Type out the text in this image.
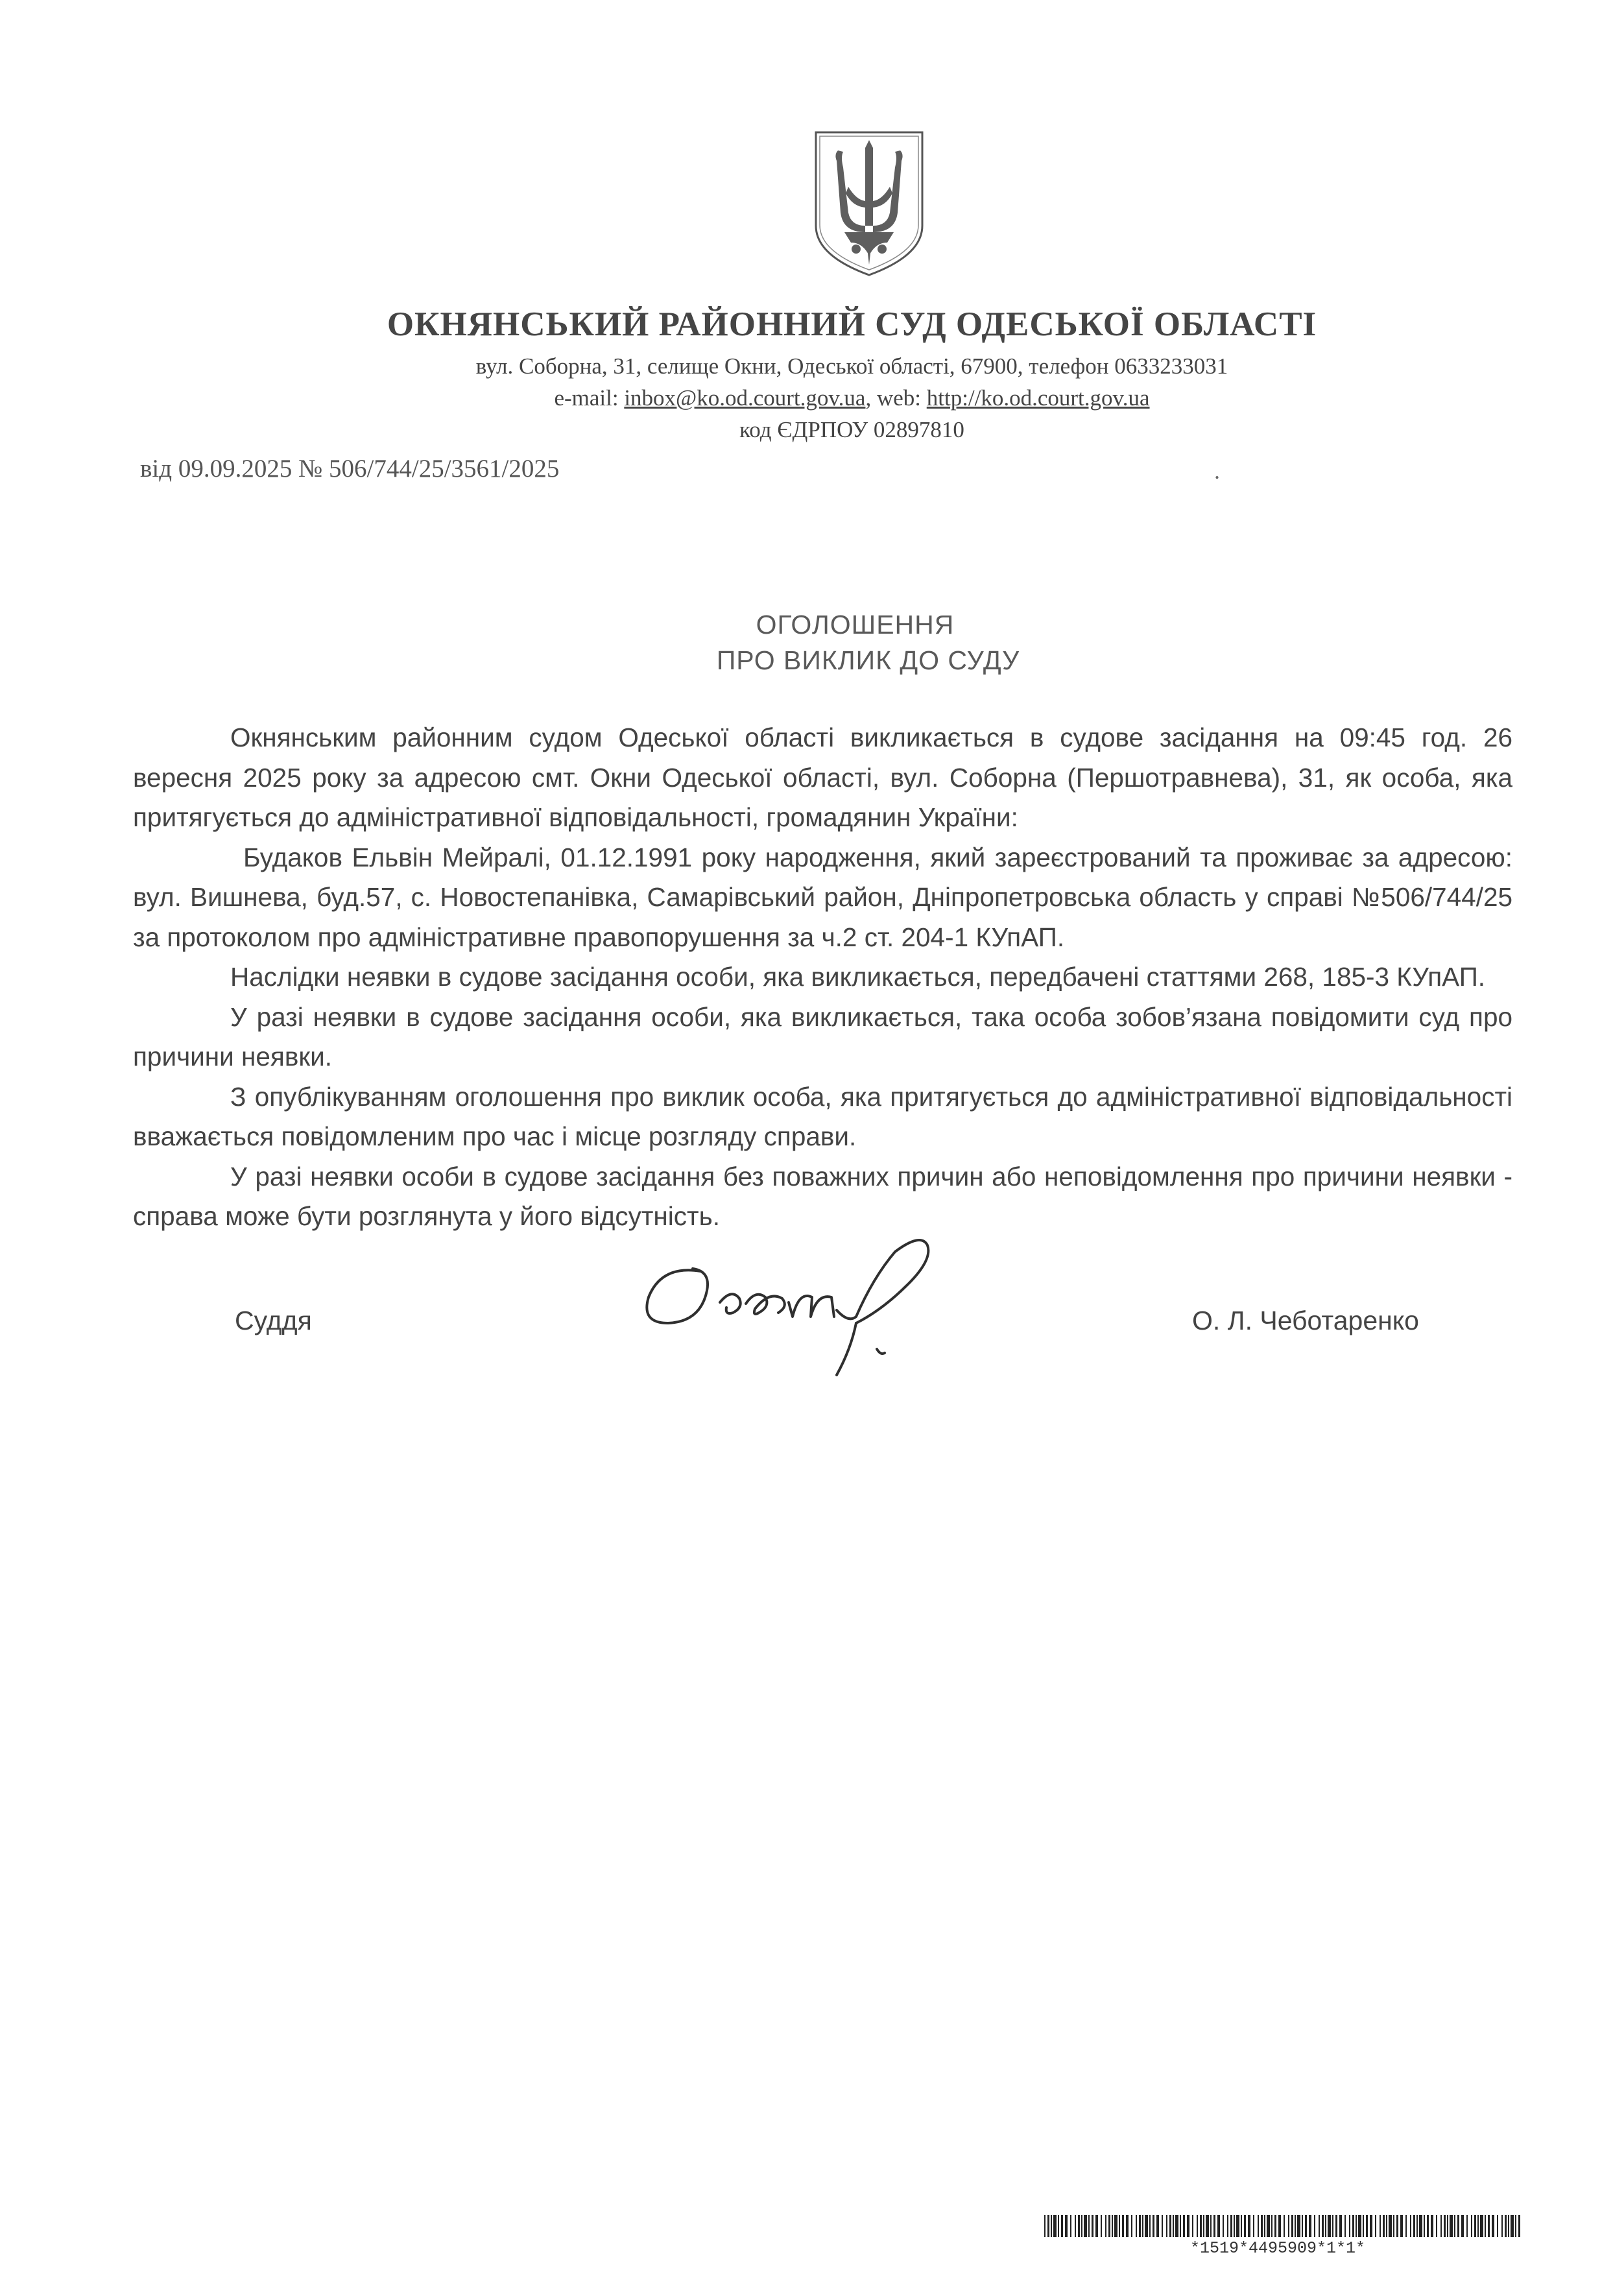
ОКНЯНСЬКИЙ РАЙОННИЙ СУД ОДЕСЬКОЇ ОБЛАСТІ
вул. Соборна, 31, селище Окни, Одеської області, 67900, телефон 0633233031
e-mail: inbox@ko.od.court.gov.ua, web: http://ko.od.court.gov.ua
код ЄДРПОУ 02897810
від 09.09.2025 № 506/744/25/3561/2025	.
ОГОЛОШЕННЯ
ПРО ВИКЛИК ДО СУДУ

Окнянським районним судом Одеської області викликається в судове засідання на 09:45 год. 26 вересня 2025 року за адресою смт. Окни Одеської області, вул. Соборна (Першотравнева), 31, як особа, яка притягується до адміністративної відповідальності, громадянин України:

Будаков Ельвін Мейралі, 01.12.1991 року народження, який зареєстрований та проживає за адресою: вул. Вишнева, буд.57, с. Новостепанівка, Самарівський район, Дніпропетровська область у справі №506/744/25 за протоколом про адміністративне правопорушення за ч.2 ст. 204-1 КУпАП.

Наслідки неявки в судове засідання особи, яка викликається, передбачені статтями 268, 185-3 КУпАП.

У разі неявки в судове засідання особи, яка викликається, така особа зобов’язана повідомити суд про причини неявки.

З опублікуванням оголошення про виклик особа, яка притягується до адміністративної відповідальності вважається повідомленим про час і місце розгляду справи.

У разі неявки особи в судове засідання без поважних причин або неповідомлення про причини неявки - справа може бути розглянута у його відсутність.

Суддя	О. Л. Чеботаренко
*1519*4495909*1*1*
